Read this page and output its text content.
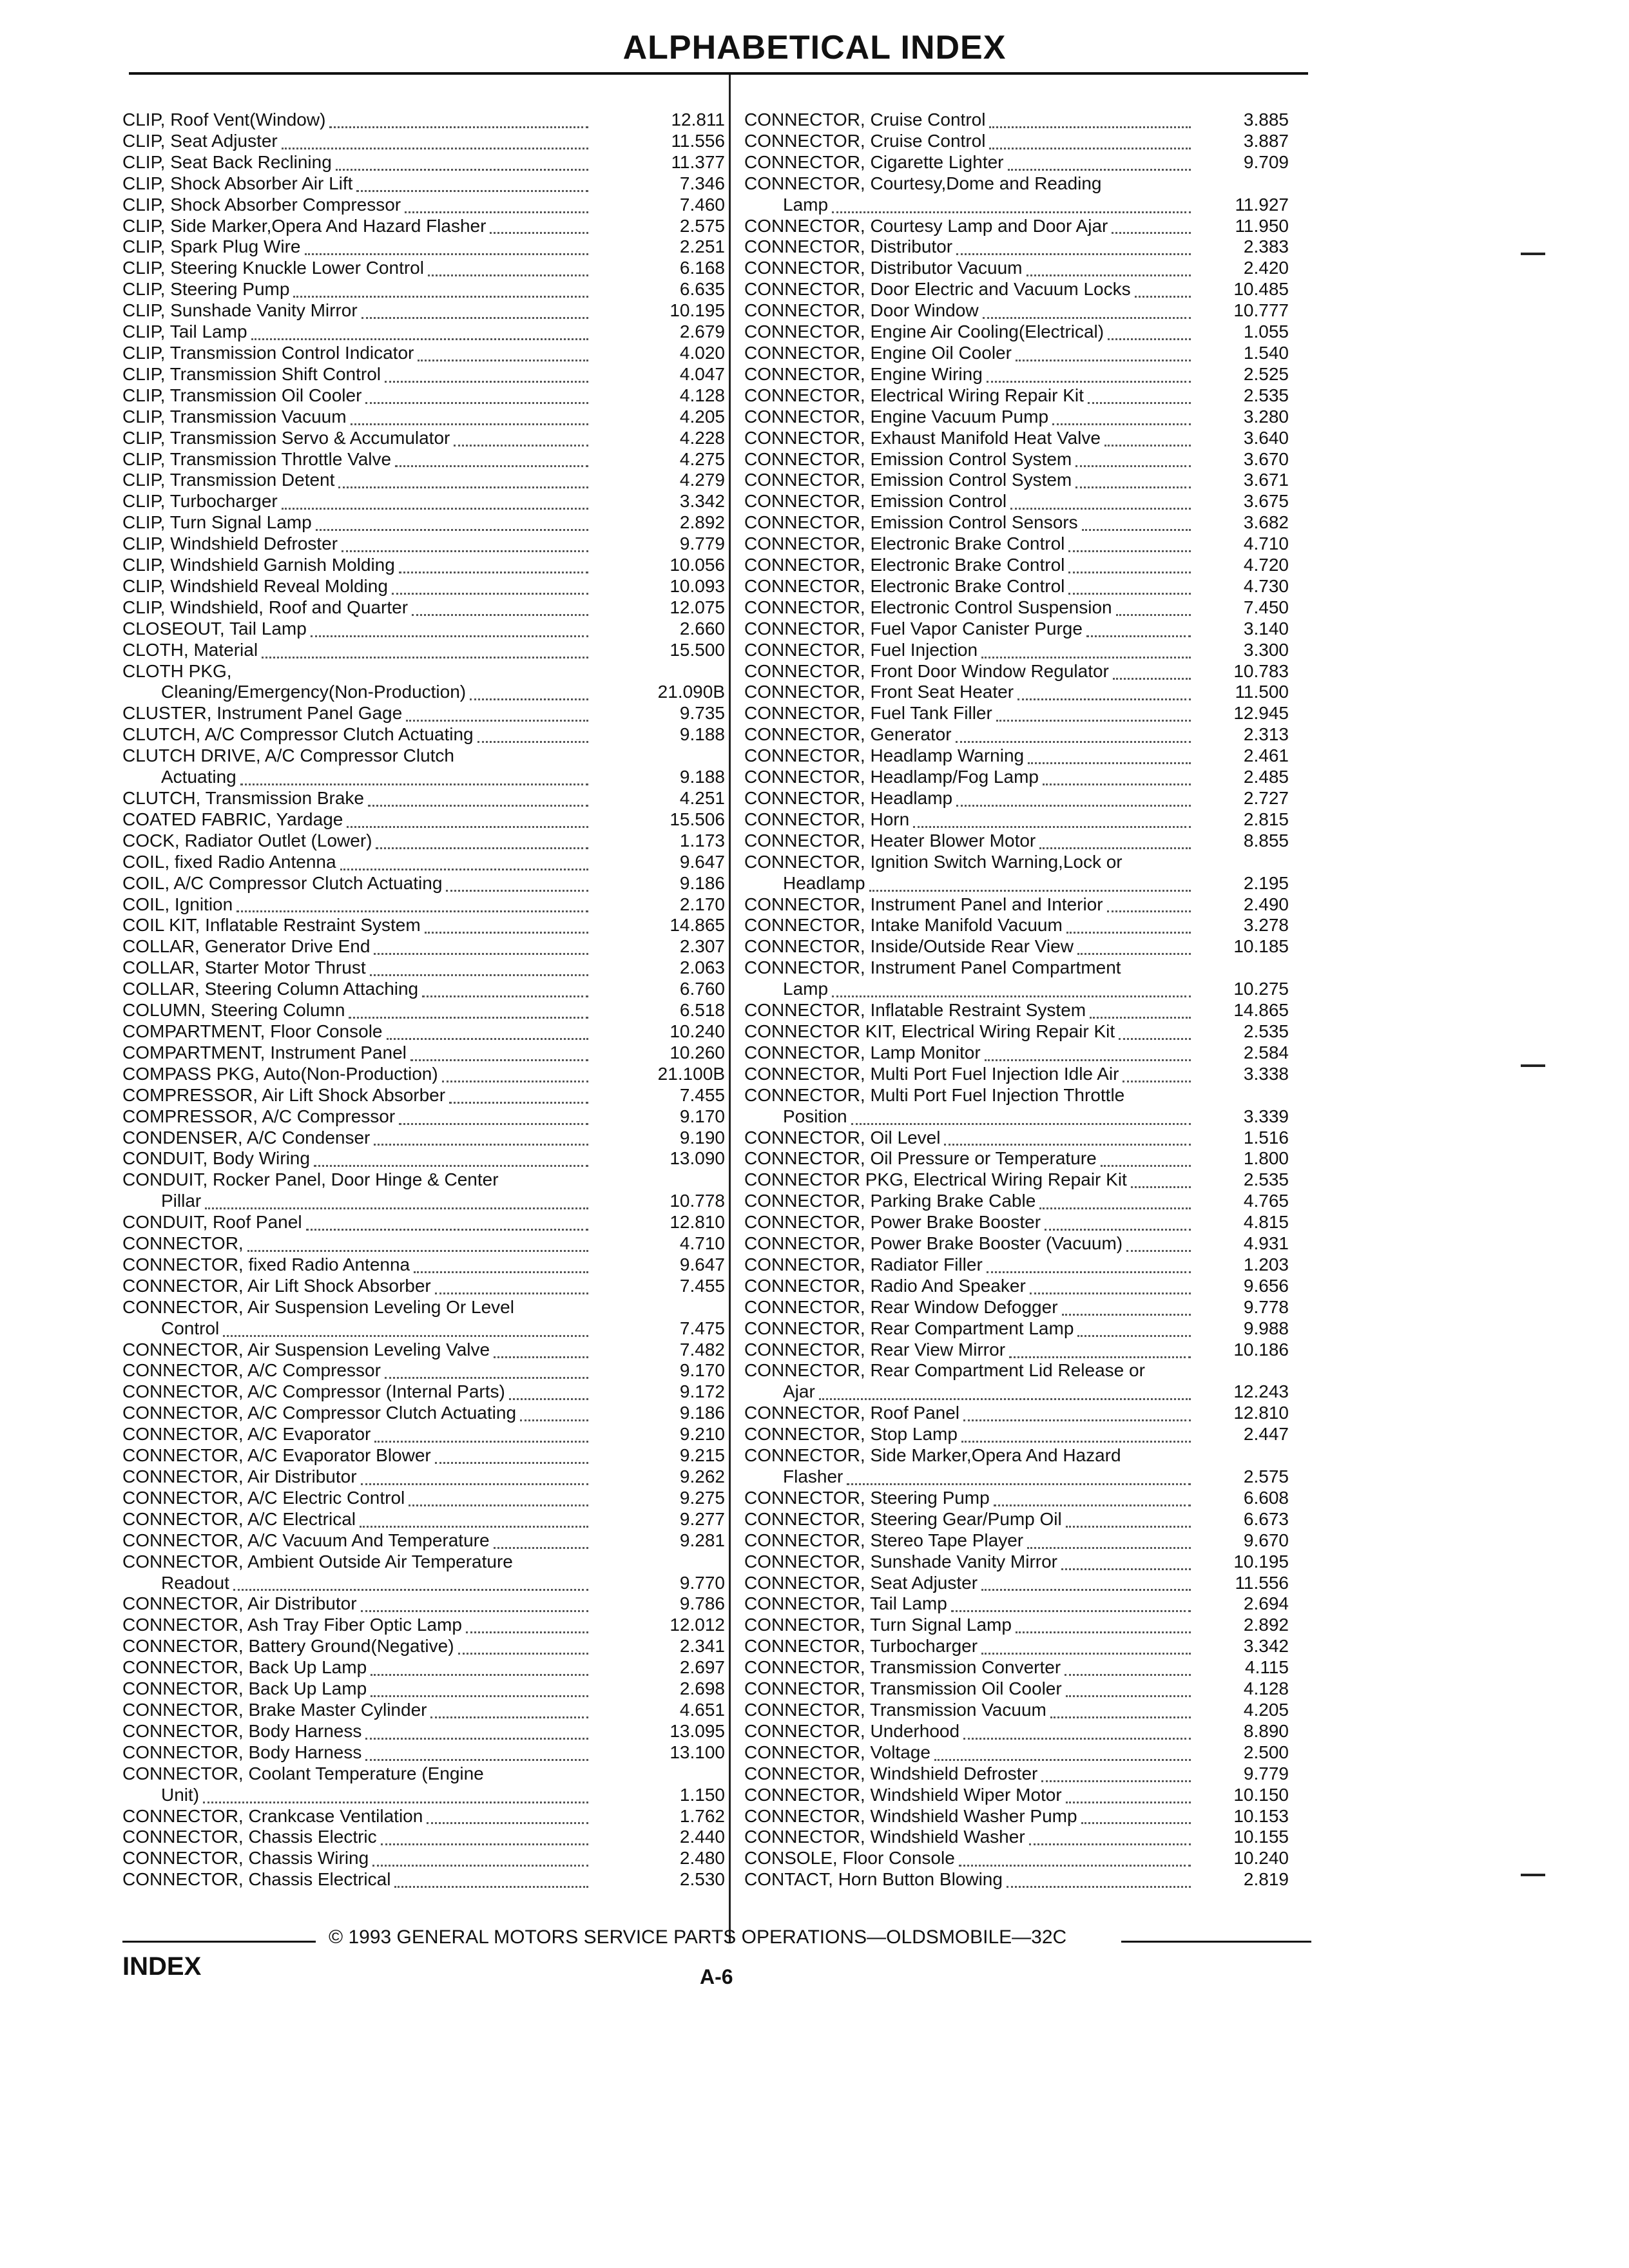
ALPHABETICAL INDEX
CLIP, Roof Vent(Window)	12.811
CLIP, Seat Adjuster	11.556
CLIP, Seat Back Reclining	11.377
CLIP, Shock Absorber Air Lift	7.346
CLIP, Shock Absorber Compressor	7.460
CLIP, Side Marker,Opera And Hazard Flasher	2.575
CLIP, Spark Plug Wire	2.251
CLIP, Steering Knuckle Lower Control	6.168
CLIP, Steering Pump	6.635
CLIP, Sunshade Vanity Mirror	10.195
CLIP, Tail Lamp	2.679
CLIP, Transmission Control Indicator	4.020
CLIP, Transmission Shift Control	4.047
CLIP, Transmission Oil Cooler	4.128
CLIP, Transmission Vacuum	4.205
CLIP, Transmission Servo & Accumulator	4.228
CLIP, Transmission Throttle Valve	4.275
CLIP, Transmission Detent	4.279
CLIP, Turbocharger	3.342
CLIP, Turn Signal Lamp	2.892
CLIP, Windshield Defroster	9.779
CLIP, Windshield Garnish Molding	10.056
CLIP, Windshield Reveal Molding	10.093
CLIP, Windshield, Roof and Quarter	12.075
CLOSEOUT, Tail Lamp	2.660
CLOTH, Material	15.500
CLOTH PKG,
Cleaning/Emergency(Non-Production)	21.090B
CLUSTER, Instrument Panel Gage	9.735
CLUTCH, A/C Compressor Clutch Actuating	9.188
CLUTCH DRIVE, A/C Compressor Clutch
Actuating	9.188
CLUTCH, Transmission Brake	4.251
COATED FABRIC, Yardage	15.506
COCK, Radiator Outlet (Lower)	1.173
COIL, fixed Radio Antenna	9.647
COIL, A/C Compressor Clutch Actuating	9.186
COIL, Ignition	2.170
COIL KIT, Inflatable Restraint System	14.865
COLLAR, Generator Drive End	2.307
COLLAR, Starter Motor Thrust	2.063
COLLAR, Steering Column Attaching	6.760
COLUMN, Steering Column	6.518
COMPARTMENT, Floor Console	10.240
COMPARTMENT, Instrument Panel	10.260
COMPASS PKG, Auto(Non-Production)	21.100B
COMPRESSOR, Air Lift Shock Absorber	7.455
COMPRESSOR, A/C Compressor	9.170
CONDENSER, A/C Condenser	9.190
CONDUIT, Body Wiring	13.090
CONDUIT, Rocker Panel, Door Hinge & Center
Pillar	10.778
CONDUIT, Roof Panel	12.810
CONNECTOR,	4.710
CONNECTOR, fixed Radio Antenna	9.647
CONNECTOR, Air Lift Shock Absorber	7.455
CONNECTOR, Air Suspension Leveling Or Level
Control	7.475
CONNECTOR, Air Suspension Leveling Valve	7.482
CONNECTOR, A/C Compressor	9.170
CONNECTOR, A/C Compressor (Internal Parts)	9.172
CONNECTOR, A/C Compressor Clutch Actuating	9.186
CONNECTOR, A/C Evaporator	9.210
CONNECTOR, A/C Evaporator Blower	9.215
CONNECTOR, Air Distributor	9.262
CONNECTOR, A/C Electric Control	9.275
CONNECTOR, A/C Electrical	9.277
CONNECTOR, A/C Vacuum And Temperature	9.281
CONNECTOR, Ambient Outside Air Temperature
Readout	9.770
CONNECTOR, Air Distributor	9.786
CONNECTOR, Ash Tray Fiber Optic Lamp	12.012
CONNECTOR, Battery Ground(Negative)	2.341
CONNECTOR, Back Up Lamp	2.697
CONNECTOR, Back Up Lamp	2.698
CONNECTOR, Brake Master Cylinder	4.651
CONNECTOR, Body Harness	13.095
CONNECTOR, Body Harness	13.100
CONNECTOR, Coolant Temperature (Engine
Unit)	1.150
CONNECTOR, Crankcase Ventilation	1.762
CONNECTOR, Chassis Electric	2.440
CONNECTOR, Chassis Wiring	2.480
CONNECTOR, Chassis Electrical	2.530
CONNECTOR, Cruise Control	3.885
CONNECTOR, Cruise Control	3.887
CONNECTOR, Cigarette Lighter	9.709
CONNECTOR, Courtesy,Dome and Reading
Lamp	11.927
CONNECTOR, Courtesy Lamp and Door Ajar	11.950
CONNECTOR, Distributor	2.383
CONNECTOR, Distributor Vacuum	2.420
CONNECTOR, Door Electric and Vacuum Locks	10.485
CONNECTOR, Door Window	10.777
CONNECTOR, Engine Air Cooling(Electrical)	1.055
CONNECTOR, Engine Oil Cooler	1.540
CONNECTOR, Engine Wiring	2.525
CONNECTOR, Electrical Wiring Repair Kit	2.535
CONNECTOR, Engine Vacuum Pump	3.280
CONNECTOR, Exhaust Manifold Heat Valve	3.640
CONNECTOR, Emission Control System	3.670
CONNECTOR, Emission Control System	3.671
CONNECTOR, Emission Control	3.675
CONNECTOR, Emission Control Sensors	3.682
CONNECTOR, Electronic Brake Control	4.710
CONNECTOR, Electronic Brake Control	4.720
CONNECTOR, Electronic Brake Control	4.730
CONNECTOR, Electronic Control Suspension	7.450
CONNECTOR, Fuel Vapor Canister Purge	3.140
CONNECTOR, Fuel Injection	3.300
CONNECTOR, Front Door Window Regulator	10.783
CONNECTOR, Front Seat Heater	11.500
CONNECTOR, Fuel Tank Filler	12.945
CONNECTOR, Generator	2.313
CONNECTOR, Headlamp Warning	2.461
CONNECTOR, Headlamp/Fog Lamp	2.485
CONNECTOR, Headlamp	2.727
CONNECTOR, Horn	2.815
CONNECTOR, Heater Blower Motor	8.855
CONNECTOR, Ignition Switch Warning,Lock or
Headlamp	2.195
CONNECTOR, Instrument Panel and Interior	2.490
CONNECTOR, Intake Manifold Vacuum	3.278
CONNECTOR, Inside/Outside Rear View	10.185
CONNECTOR, Instrument Panel Compartment
Lamp	10.275
CONNECTOR, Inflatable Restraint System	14.865
CONNECTOR KIT, Electrical Wiring Repair Kit	2.535
CONNECTOR, Lamp Monitor	2.584
CONNECTOR, Multi Port Fuel Injection Idle Air	3.338
CONNECTOR, Multi Port Fuel Injection Throttle
Position	3.339
CONNECTOR, Oil Level	1.516
CONNECTOR, Oil Pressure or Temperature	1.800
CONNECTOR PKG, Electrical Wiring Repair Kit	2.535
CONNECTOR, Parking Brake Cable	4.765
CONNECTOR, Power Brake Booster	4.815
CONNECTOR, Power Brake Booster (Vacuum)	4.931
CONNECTOR, Radiator Filler	1.203
CONNECTOR, Radio And Speaker	9.656
CONNECTOR, Rear Window Defogger	9.778
CONNECTOR, Rear Compartment Lamp	9.988
CONNECTOR, Rear View Mirror	10.186
CONNECTOR, Rear Compartment Lid Release or
Ajar	12.243
CONNECTOR, Roof Panel	12.810
CONNECTOR, Stop Lamp	2.447
CONNECTOR, Side Marker,Opera And Hazard
Flasher	2.575
CONNECTOR, Steering Pump	6.608
CONNECTOR, Steering Gear/Pump Oil	6.673
CONNECTOR, Stereo Tape Player	9.670
CONNECTOR, Sunshade Vanity Mirror	10.195
CONNECTOR, Seat Adjuster	11.556
CONNECTOR, Tail Lamp	2.694
CONNECTOR, Turn Signal Lamp	2.892
CONNECTOR, Turbocharger	3.342
CONNECTOR, Transmission Converter	4.115
CONNECTOR, Transmission Oil Cooler	4.128
CONNECTOR, Transmission Vacuum	4.205
CONNECTOR, Underhood	8.890
CONNECTOR, Voltage	2.500
CONNECTOR, Windshield Defroster	9.779
CONNECTOR, Windshield Wiper Motor	10.150
CONNECTOR, Windshield Washer Pump	10.153
CONNECTOR, Windshield Washer	10.155
CONSOLE, Floor Console	10.240
CONTACT, Horn Button Blowing	2.819
© 1993 GENERAL MOTORS SERVICE PARTS OPERATIONS—OLDSMOBILE—32C
INDEX	A-6
